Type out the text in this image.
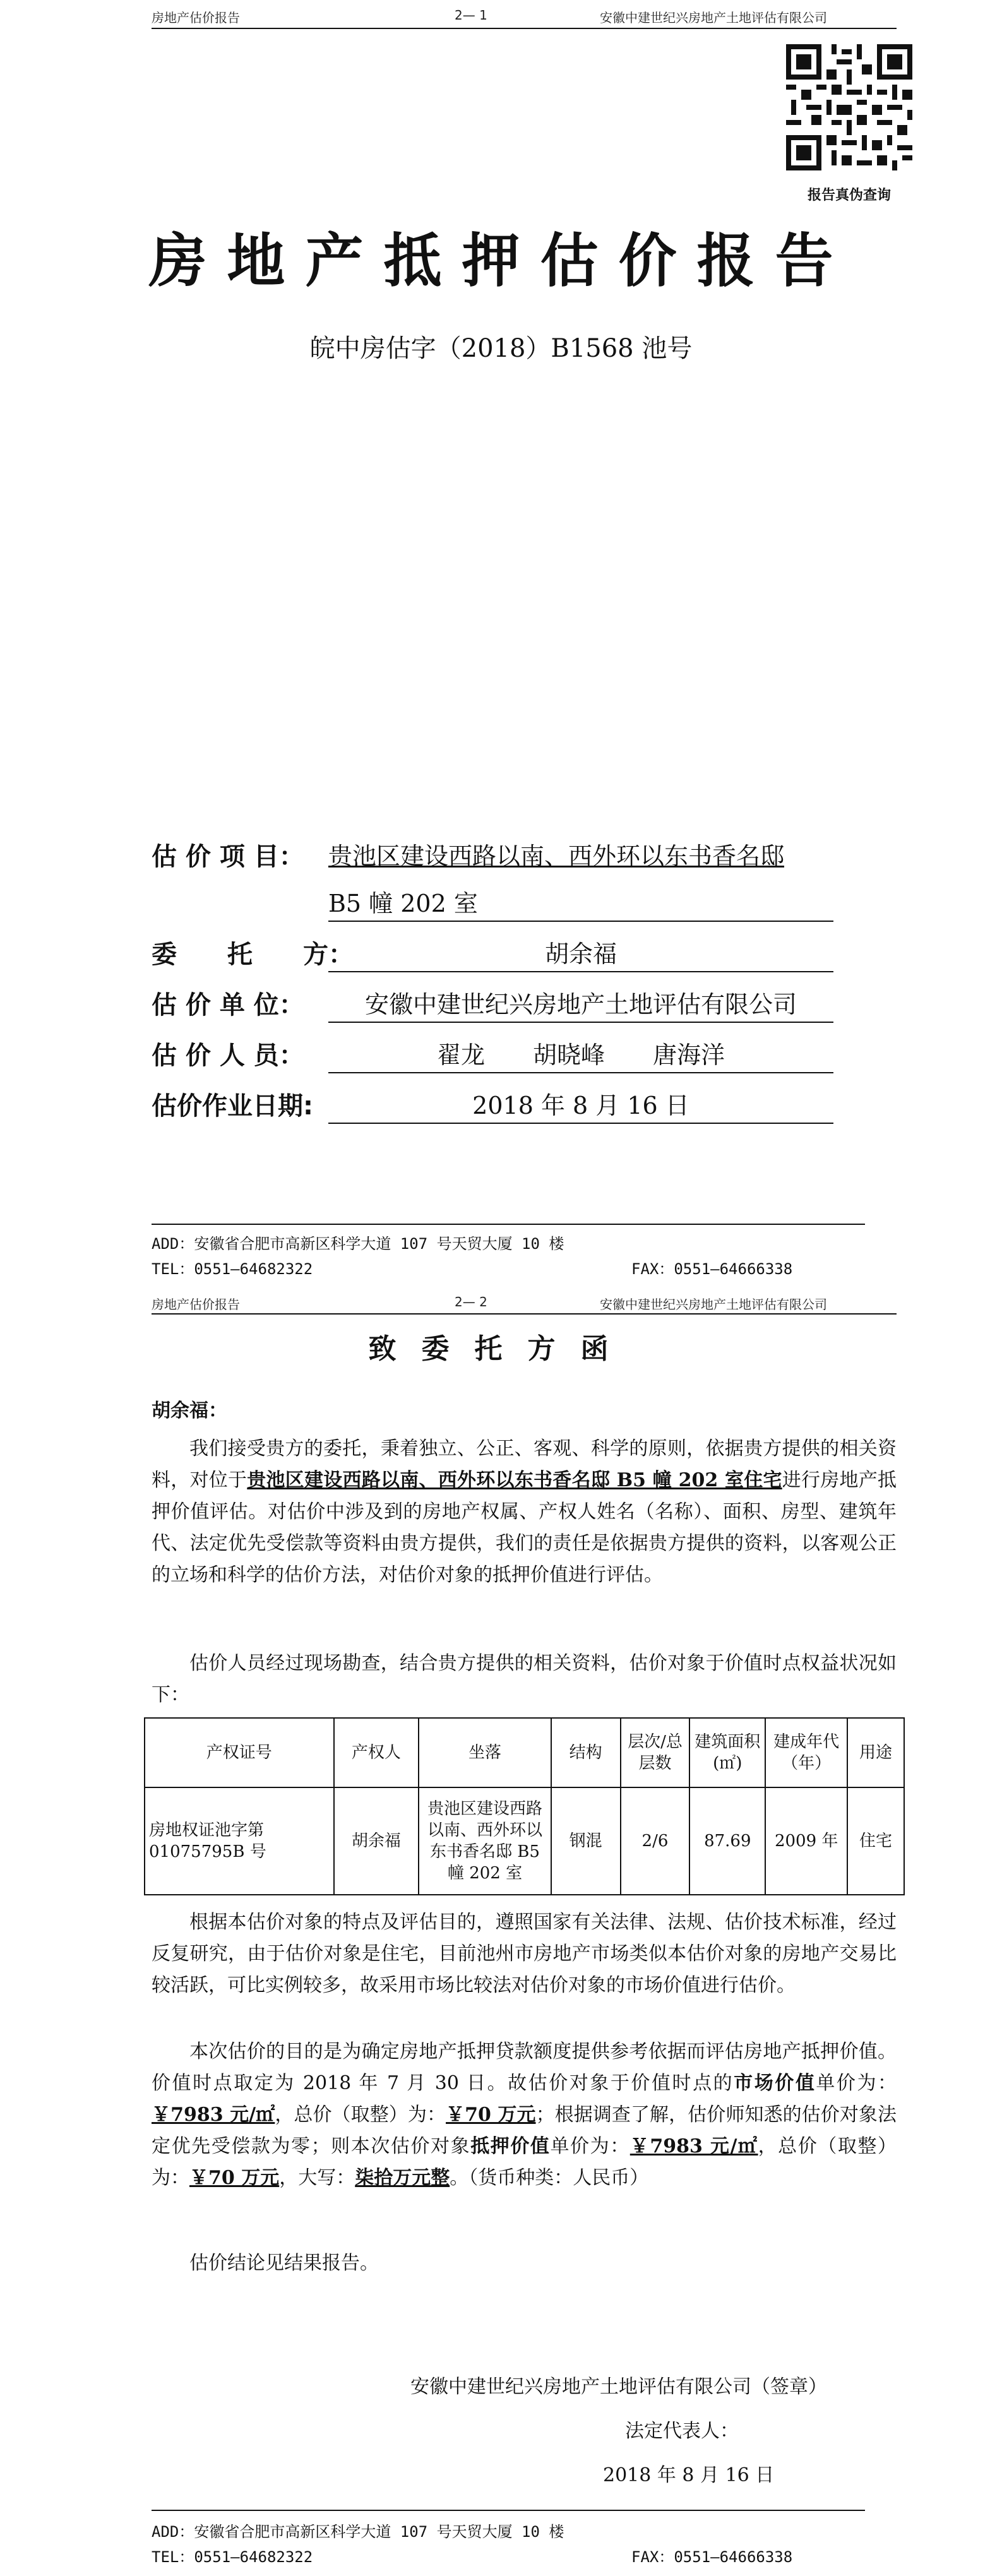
房地产估价报告	2— 1	安徽中建世纪兴房地产土地评估有限公司
报告真伪查询
房地产抵押估价报告
皖中房估字（2018）B1568 池号
估 价 项 目： 贵池区建设西路以南、西外环以东书香名邸
B5 幢 202 室
委　　托　　方：	胡余福
估 价 单 位：	安徽中建世纪兴房地产土地评估有限公司
估 价 人 员：	翟龙　　胡晓峰　　唐海洋
估价作业日期:	2018 年 8 月 16 日
ADD：安徽省合肥市高新区科学大道 107 号天贸大厦 10 楼
TEL：0551—64682322	FAX：0551—64666338
房地产估价报告	2— 2	安徽中建世纪兴房地产土地评估有限公司
致委托方函
胡余福：
我们接受贵方的委托，秉着独立、公正、客观、科学的原则，依据贵方提供的相关资料，对位于贵池区建设西路以南、西外环以东书香名邸 B5 幢 202 室住宅进行房地产抵押价值评估。对估价中涉及到的房地产权属、产权人姓名（名称）、面积、房型、建筑年代、法定优先受偿款等资料由贵方提供，我们的责任是依据贵方提供的资料，以客观公正的立场和科学的估价方法，对估价对象的抵押价值进行评估。
估价人员经过现场勘查，结合贵方提供的相关资料，估价对象于价值时点权益状况如下：
产权证号	产权人	坐落	结构	层次/总层数	建筑面积(㎡)	建成年代（年）	用途
房地权证池字第 01075795B 号	胡余福	贵池区建设西路以南、西外环以东书香名邸 B5 幢 202 室	钢混	2/6	87.69	2009 年	住宅
根据本估价对象的特点及评估目的，遵照国家有关法律、法规、估价技术标准，经过反复研究，由于估价对象是住宅，目前池州市房地产市场类似本估价对象的房地产交易比较活跃，可比实例较多，故采用市场比较法对估价对象的市场价值进行估价。
本次估价的目的是为确定房地产抵押贷款额度提供参考依据而评估房地产抵押价值。价值时点取定为 2018 年 7 月 30 日。故估价对象于价值时点的市场价值单价为：￥7983 元/㎡，总价（取整）为：￥70 万元；根据调查了解，估价师知悉的估价对象法定优先受偿款为零；则本次估价对象抵押价值单价为：￥7983 元/㎡，总价（取整）为：￥70 万元，大写：柒拾万元整。（货币种类：人民币）
估价结论见结果报告。
安徽中建世纪兴房地产土地评估有限公司（签章）
法定代表人：
2018 年 8 月 16 日
ADD：安徽省合肥市高新区科学大道 107 号天贸大厦 10 楼
TEL：0551—64682322	FAX：0551—64666338
